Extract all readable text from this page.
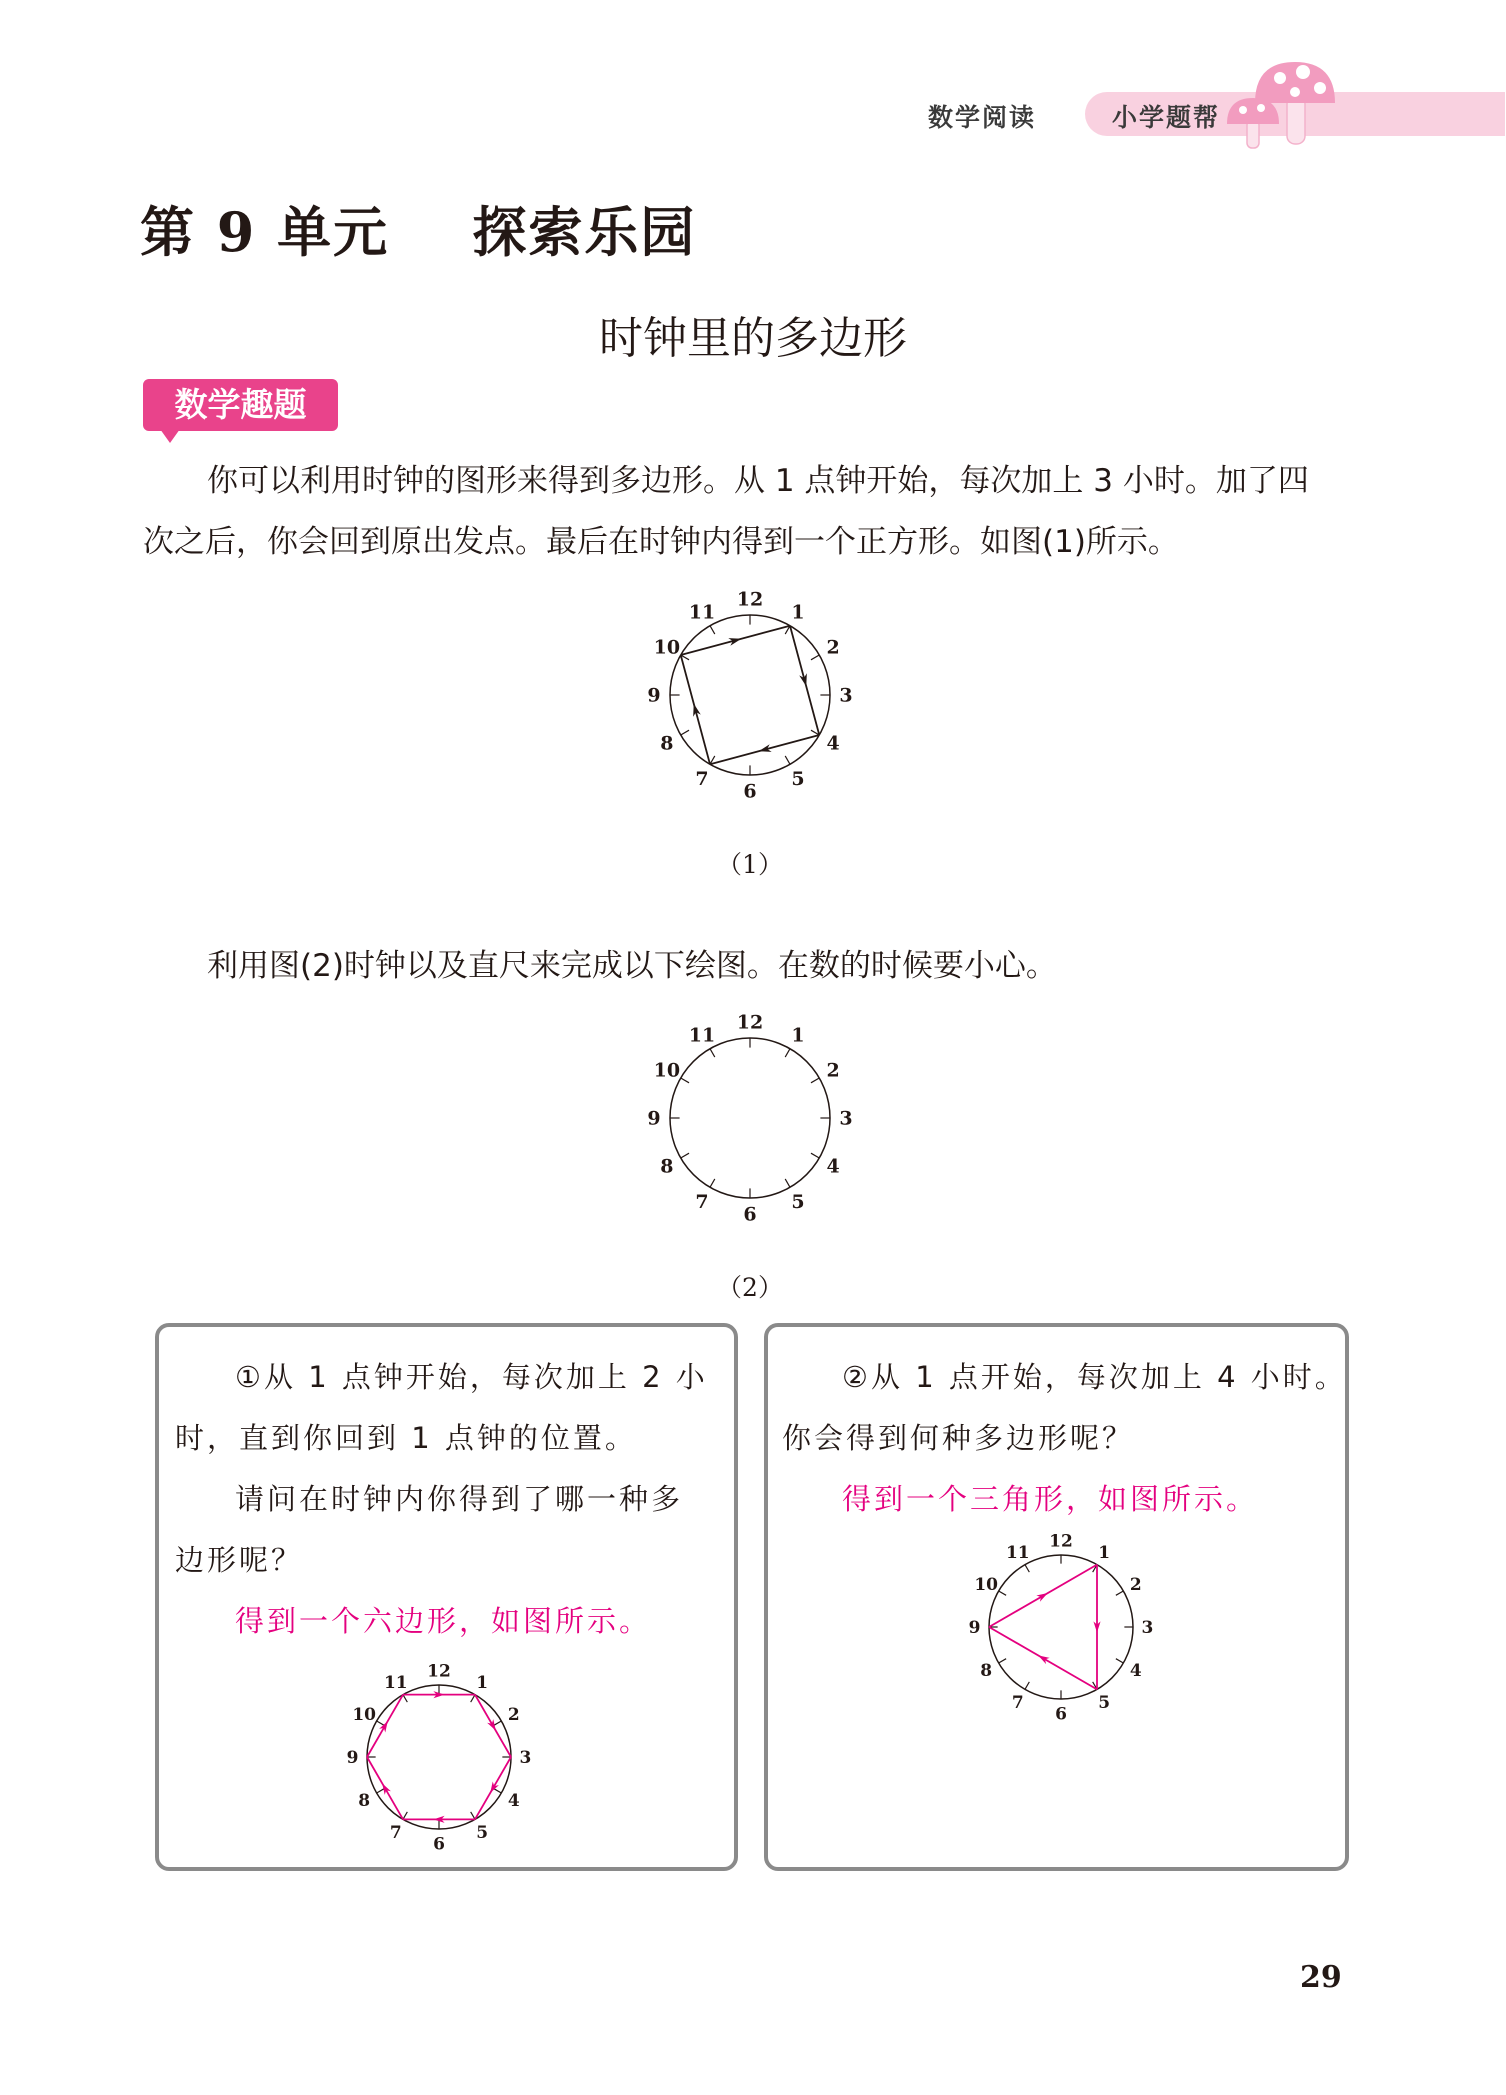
数学阅读	小学题帮
第 9 单元    探索乐园
时钟里的多边形
数学趣题
你可以利用时钟的图形来得到多边形。从 1 点钟开始，每次加上 3 小时。加了四
次之后，你会回到原出发点。最后在时钟内得到一个正方形。如图(1)所示。
12
1
2
3
4
5
6
7
8
9
10
11
（1）
利用图(2)时钟以及直尺来完成以下绘图。在数的时候要小心。
12
1
2
3
4
5
6
7
8
9
10
11
（2）
①从 1 点钟开始，每次加上 2 小
时，直到你回到 1 点钟的位置。
请问在时钟内你得到了哪一种多
边形呢？
得到一个六边形，如图所示。
12
1
2
3
4
5
6
7
8
9
10
11
②从 1 点开始，每次加上 4 小时。
你会得到何种多边形呢？
得到一个三角形，如图所示。
12
1
2
3
4
5
6
7
8
9
10
11
29
